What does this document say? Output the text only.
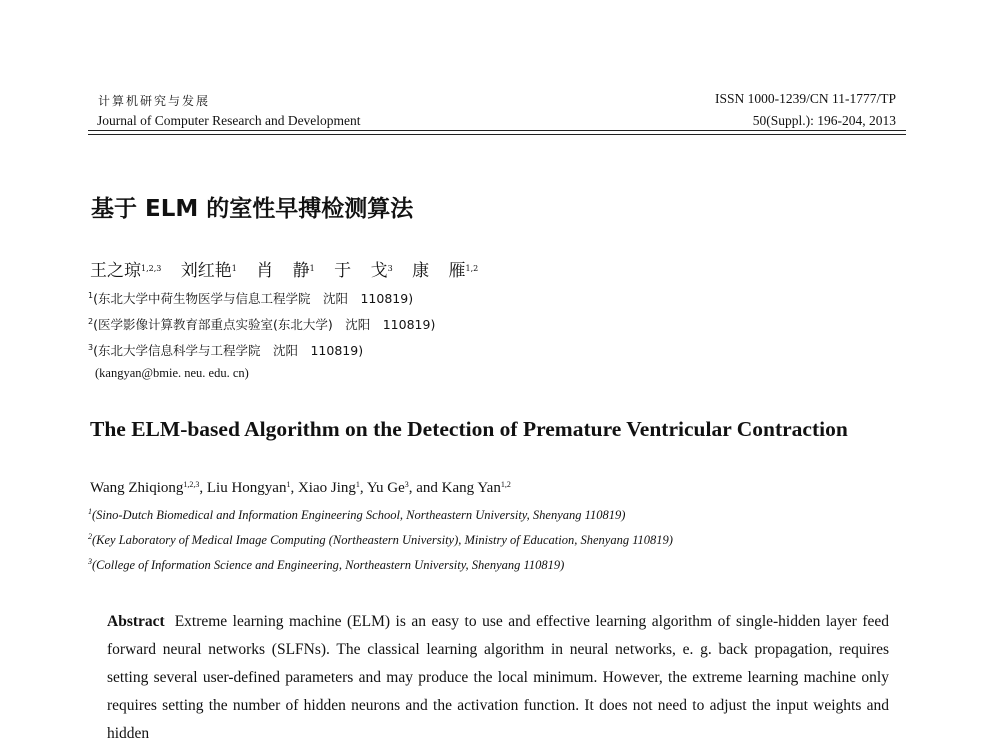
计算机研究与发展
Journal of Computer Research and Development
ISSN 1000-1239/CN 11-1777/TP
50(Suppl.): 196-204, 2013
基于 ELM 的室性早搏检测算法
王之琼$^{1,2,3}$ 刘红艳$^1$ 肖 静$^1$ 于 戈$^3$ 康 雁$^{1,2}$
$^1$(东北大学中荷生物医学与信息工程学院　沈阳　110819)
$^2$(医学影像计算教育部重点实验室(东北大学)　沈阳　110819)
$^3$(东北大学信息科学与工程学院　沈阳　110819)
(kangyan@bmie. neu. edu. cn)
The ELM-based Algorithm on the Detection of Premature Ventricular Contraction
Wang Zhiqiong$^{1,2,3}$, Liu Hongyan$^1$, Xiao Jing$^1$, Yu Ge$^3$, and Kang Yan$^{1,2}$
$^1$(Sino-Dutch Biomedical and Information Engineering School, Northeastern University, Shenyang 110819)
$^2$(Key Laboratory of Medical Image Computing (Northeastern University), Ministry of Education, Shenyang 110819)
$^3$(College of Information Science and Engineering, Northeastern University, Shenyang 110819)
Abstract Extreme learning machine (ELM) is an easy to use and effective learning algorithm of single-hidden layer feed forward neural networks (SLFNs). The classical learning algorithm in neural networks, e. g. back propagation, requires setting several user-defined parameters and may produce the local minimum. However, the extreme learning machine only requires setting the number of hidden neurons and the activation function. It does not need to adjust the input weights and hidden
